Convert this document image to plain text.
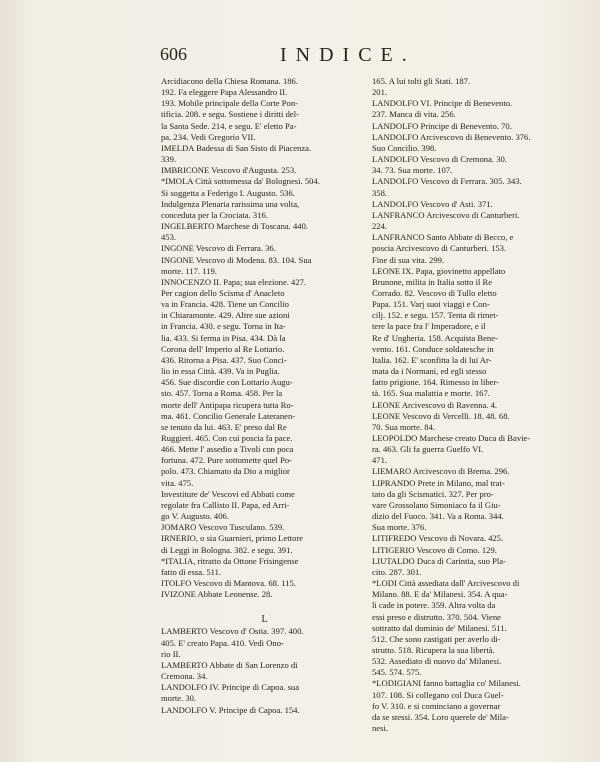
606	INDICE.
Arcidiacono della Chiesa Romana. 186.
192. Fa eleggere Papa Alessandro II.
193. Mobile principale della Corte Pon-
tificia. 208. e segu. Sostiene i diritti del-
la Santa Sede. 214. e segu. E' eletto Pa-
pa. 234. Vedi Gregorio VII.
IMELDA Badessa di San Sisto di Piacenza.
339.
IMBRICONE Vescovo d'Augusta. 253.
*IMOLA Città sottomessa da' Bolognesi. 504.
Si soggetta a Federigo I. Augusto. 536.
Indulgenza Plenaria rarissima una volta,
conceduta per la Crociata. 316.
INGELBERTO Marchese di Toscana. 440.
453.
INGONE Vescovo di Ferrara. 36.
INGONE Vescovo di Modena. 83. 104. Sua
morte. 117. 119.
INNOCENZO II. Papa; sua elezione. 427.
Per cagion dello Scisma d' Anacleto
va in Francia. 428. Tiene un Concilio
in Chiaramonte. 429. Altre sue azioni
in Francia. 430. e segu. Torna in Ita-
lia. 433. Si ferma in Pisa. 434. Dà la
Corona dell' Imperio al Re Lottario.
436. Ritorna a Pisa. 437. Suo Conci-
lio in essa Città. 439. Va in Puglia.
456. Sue discordie con Lottario Augu-
sto. 457. Torna a Roma. 458. Per la
morte dell' Antipapa ricupera tutta Ro-
ma. 461. Concilio Generale Lateranen-
se tenuto da lui. 463. E' preso dal Re
Ruggieri. 465. Con cui poscia fa pace.
466. Mette l' assedio a Tivoli con poca
fortuna. 472. Pure sottomette quel Po-
polo. 473. Chiamato da Dio a miglior
vita. 475.
Investiture de' Vescovi ed Abbati come
regolate fra Callisto II. Papa, ed Arri-
go V. Augusto. 406.
JOMARO Vescovo Tusculano. 539.
IRNERIO, o sia Guarnieri, primo Lettore
di Leggi in Bologna. 382. e segu. 391.
*ITALIA, ritratto da Ottone Frisingense
fatto di essa. 511.
ITOLFO Vescovo di Mantova. 68. 115.
IVIZONE Abbate Leonense. 28.
L
LAMBERTO Vescovo d' Ostia. 397. 400.
405. E' creato Papa. 410. Vedi Ono-
rio II.
LAMBERTO Abbate di San Lorenzo di
Cremona. 34.
LANDOLFO IV. Principe di Capoa. sua
morte. 30.
LANDOLFO V. Principe di Capoa. 154.
165. A lui tolti gli Stati. 187.
201.
LANDOLFO VI. Principe di Benevento.
237. Manca di vita. 256.
LANDOLFO Principe di Benevento. 70.
LANDOLFO Arcivescovo di Benevento. 376.
Suo Concilio. 398.
LANDOLFO Vescovo di Cremona. 30.
34. 73. Sua morte. 107.
LANDOLFO Vescovo di Ferrara. 305. 343.
358.
LANDOLFO Vescovo d' Asti. 371.
LANFRANCO Arcivescovo di Canturberi.
224.
LANFRANCO Santo Abbate di Becco, e
poscia Arcivescovo di Canturberi. 153.
Fine di sua vita. 299.
LEONE IX. Papa, giovinetto appellato
Brunone, milita in Italia sotto il Re
Corrado. 82. Vescovo di Tullo eletto
Papa. 151. Varj suoi viaggi e Con-
cilj. 152. e segu. 157. Tenta di rimet-
tere la pace fra l' Imperadore, e il
Re d' Ungheria. 158. Acquista Bene-
vento. 161. Conduce soldatesche in
Italia. 162. E' sconfitta la di lui Ar-
mata da i Normani, ed egli stesso
fatto prigione. 164. Rimesso in liber-
tà. 165. Sua malattia e morte. 167.
LEONE Arcivescovo di Ravenna. 4.
LEONE Vescovo di Vercelli. 18. 48. 68.
70. Sua morte. 84.
LEOPOLDO Marchese creato Duca di Bavie-
ra. 463. Gli fa guerra Guelfo VI.
471.
LIEMARO Arcivescovo di Brema. 296.
LIPRANDO Prete in Milano, mal trat-
tato da gli Scismatici. 327. Per pro-
vare Grossolano Simoniaco fa il Giu-
dizio del Fuoco. 341. Va a Roma. 344.
Sua morte. 376.
LITIFREDO Vescovo di Novara. 425.
LITIGERIO Vescovo di Como. 129.
LIUTALDO Duca di Carintia, suo Pla-
cito. 287. 301.
*LODI Città assediata dall' Arcivescovo di
Milano. 88. E da' Milanesi. 354. A qua-
li cade in potere. 359. Altra volta da
essi preso e distrutto. 370. 504. Viene
sottratto dal dominio de' Milanesi. 511.
512. Che sono castigati per averlo di-
strutto. 518. Ricupera la sua libertà.
532. Assediato di nuovo da' Milanesi.
545. 574. 575.
*LODIGIANI fanno battaglia co' Milanesi.
107. 108. Si collegano col Duca Guel-
fo V. 310. e si cominciano a governar
da se stessi. 354. Loro querele de' Mila-
nesi.
